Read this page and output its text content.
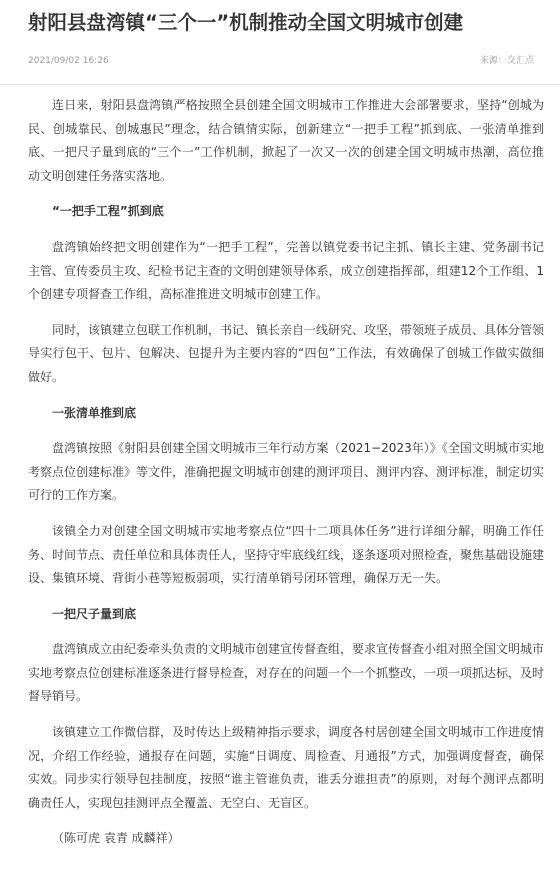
射阳县盘湾镇“三个一”机制推动全国文明城市创建
2021/09/02 16:26	来源：交汇点

连日来，射阳县盘湾镇严格按照全县创建全国文明城市工作推进大会部署要求，坚持“创城为民、创城靠民、创城惠民”理念，结合镇情实际，创新建立“一把手工程”抓到底、一张清单推到底、一把尺子量到底的“三个一”工作机制，掀起了一次又一次的创建全国文明城市热潮，高位推动文明创建任务落实落地。

“一把手工程”抓到底

盘湾镇始终把文明创建作为“一把手工程”，完善以镇党委书记主抓、镇长主建、党务副书记主管、宣传委员主攻、纪检书记主查的文明创建领导体系，成立创建指挥部，组建12个工作组、1个创建专项督查工作组，高标准推进文明城市创建工作。

同时，该镇建立包联工作机制，书记、镇长亲自一线研究、攻坚，带领班子成员、具体分管领导实行包干、包片、包解决、包提升为主要内容的“四包”工作法，有效确保了创城工作做实做细做好。

一张清单推到底

盘湾镇按照《射阳县创建全国文明城市三年行动方案（2021−2023年）》《全国文明城市实地考察点位创建标准》等文件，准确把握文明城市创建的测评项目、测评内容、测评标准，制定切实可行的工作方案。

该镇全力对创建全国文明城市实地考察点位“四十二项具体任务”进行详细分解，明确工作任务、时间节点、责任单位和具体责任人，坚持守牢底线红线，逐条逐项对照检查，聚焦基础设施建设、集镇环境、背街小巷等短板弱项，实行清单销号闭环管理，确保万无一失。

一把尺子量到底

盘湾镇成立由纪委牵头负责的文明城市创建宣传督查组，要求宣传督查小组对照全国文明城市实地考察点位创建标准逐条进行督导检查，对存在的问题一个一个抓整改，一项一项抓达标，及时督导销号。

该镇建立工作微信群，及时传达上级精神指示要求，调度各村居创建全国文明城市工作进度情况，介绍工作经验，通报存在问题，实施“日调度、周检查、月通报”方式，加强调度督查，确保实效。同步实行领导包挂制度，按照“谁主管谁负责，谁丢分谁担责”的原则，对每个测评点都明确责任人，实现包挂测评点全覆盖、无空白、无盲区。

（陈可虎 袁青 成麟祥）
